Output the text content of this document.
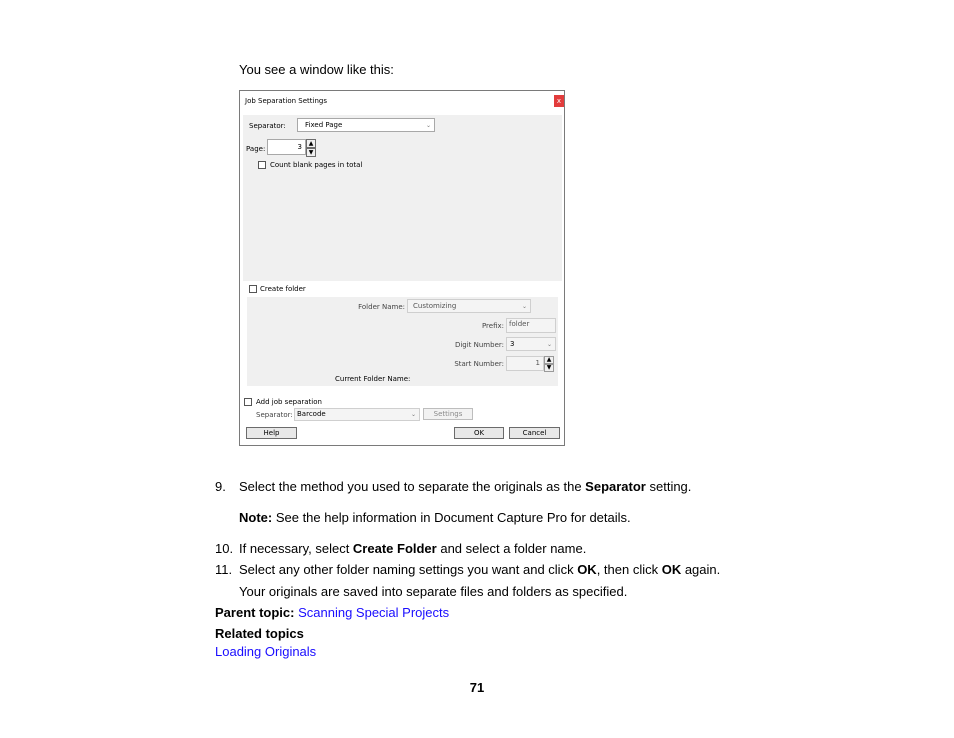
You see a window like this:
Job Separation Settings	x
Separator:	Fixed Page	⌄
Page:	3	▲
▼
Count blank pages in total
Create folder
Folder Name: Customizing	⌄
Prefix: folder
Digit Number: 3	⌄
Start Number:	1	▲
▼
Current Folder Name:
Add job separation
Separator: Barcode	⌄	Settings
Help	OK	Cancel
9. Select the method you used to separate the originals as the Separator setting.
Note: See the help information in Document Capture Pro for details.
10. If necessary, select Create Folder and select a folder name.
11. Select any other folder naming settings you want and click OK, then click OK again.
Your originals are saved into separate files and folders as specified.
Parent topic: Scanning Special Projects
Related topics
Loading Originals
71
